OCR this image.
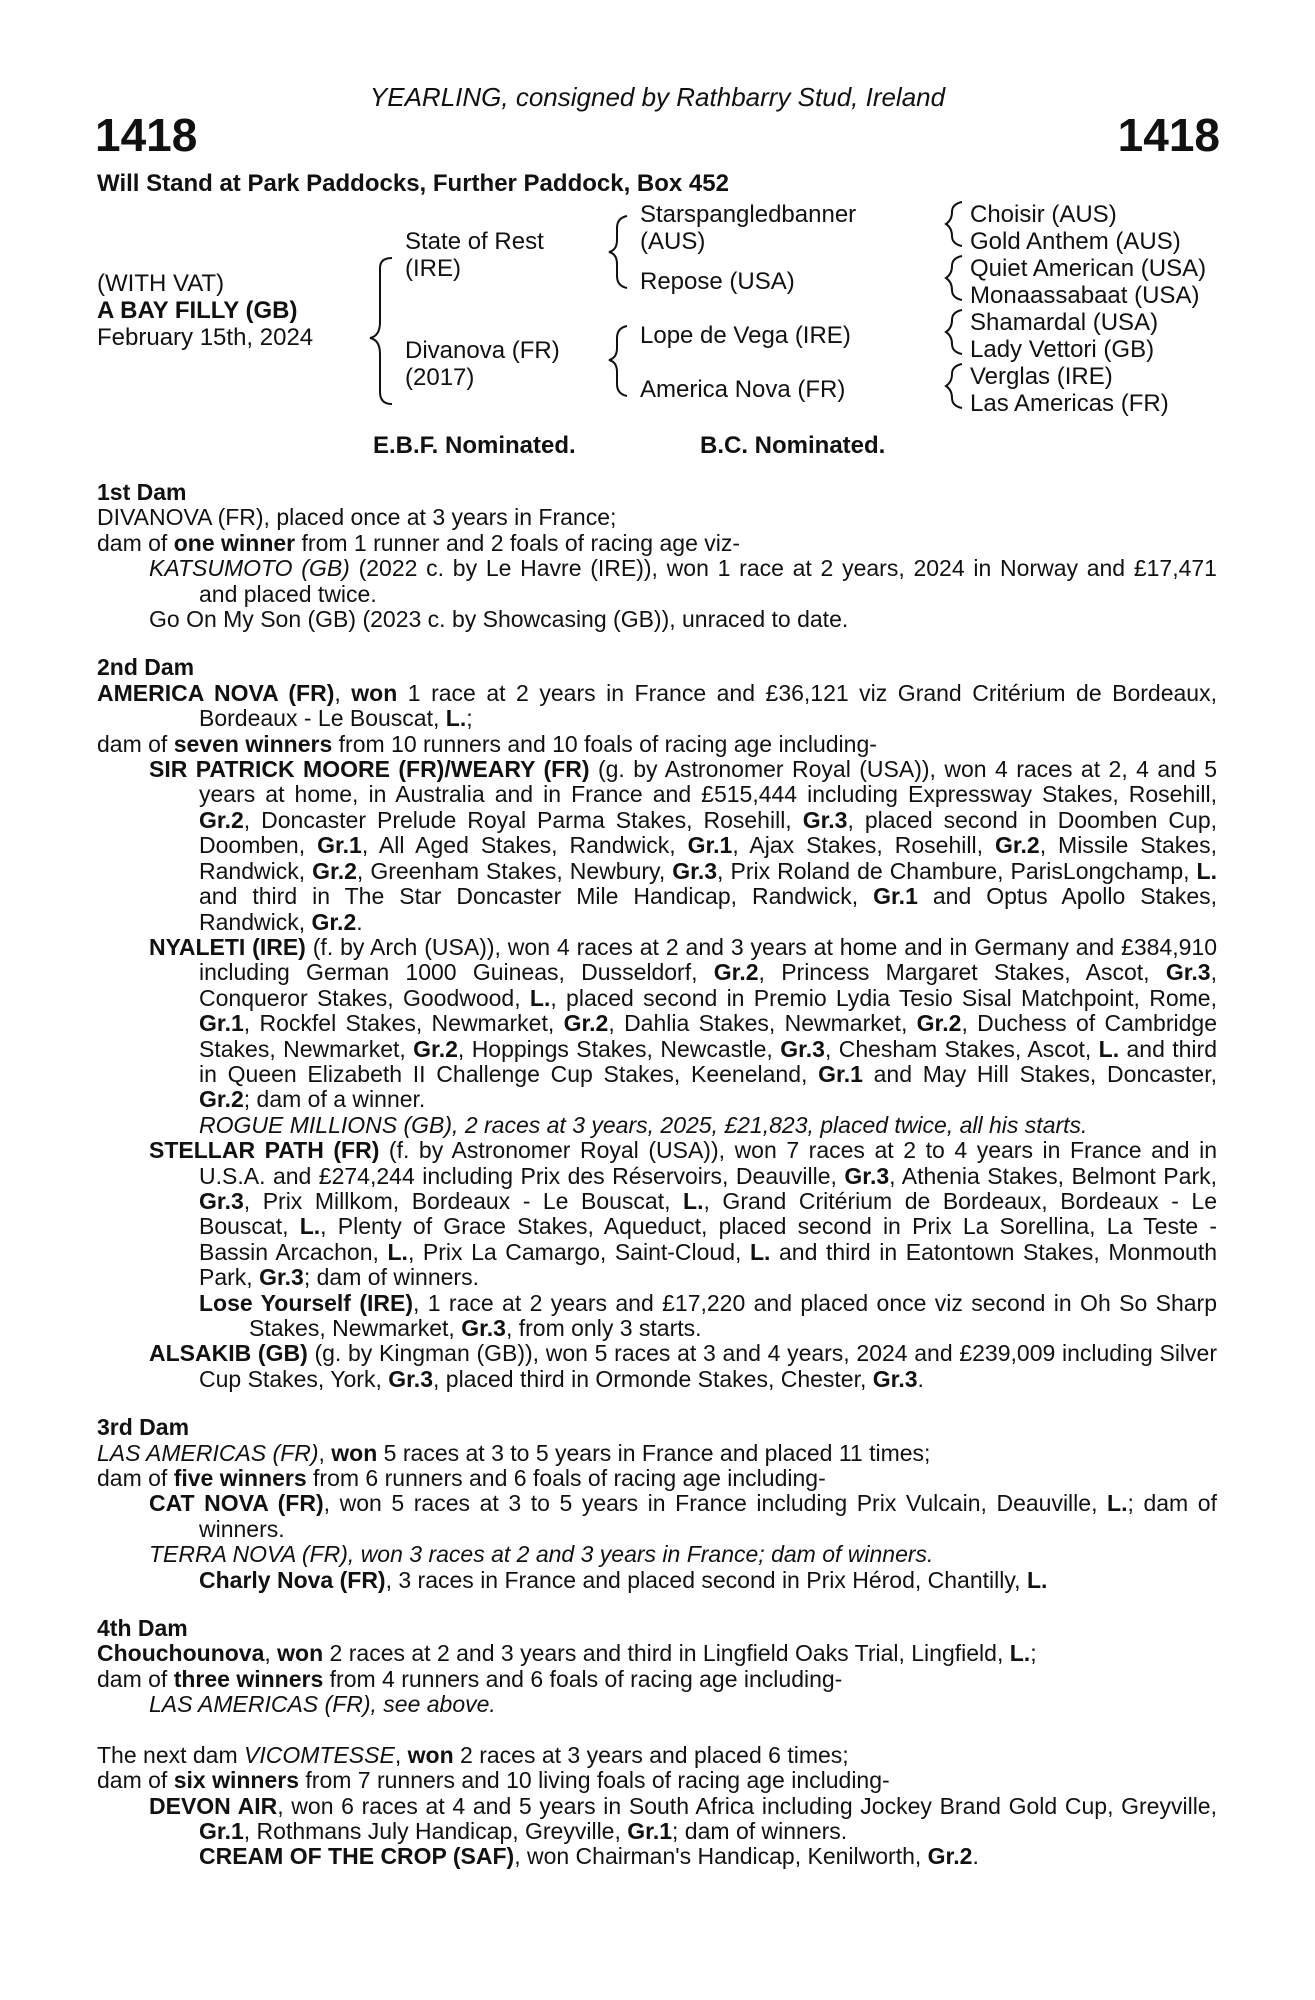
YEARLING, consigned by Rathbarry Stud, Ireland
1418	1418
Will Stand at Park Paddocks, Further Paddock, Box 452
(WITH VAT)
A BAY FILLY (GB)
February 15th, 2024
State of Rest
(IRE)
Divanova (FR)
(2017)
Starspangledbanner
(AUS)
Repose (USA)
Lope de Vega (IRE)
America Nova (FR)
Choisir (AUS)
Gold Anthem (AUS)
Quiet American (USA)
Monaassabaat (USA)
Shamardal (USA)
Lady Vettori (GB)
Verglas (IRE)
Las Americas (FR)
E.B.F. Nominated.	B.C. Nominated.

1st Dam

DIVANOVA (FR), placed once at 3 years in France;

dam of one winner from 1 runner and 2 foals of racing age viz-

KATSUMOTO (GB) (2022 c. by Le Havre (IRE)), won 1 race at 2 years, 2024 in Norway and £17,471 and placed twice.

Go On My Son (GB) (2023 c. by Showcasing (GB)), unraced to date.

2nd Dam

AMERICA NOVA (FR), won 1 race at 2 years in France and £36,121 viz Grand Critérium de Bordeaux, Bordeaux - Le Bouscat, L.;

dam of seven winners from 10 runners and 10 foals of racing age including-

SIR PATRICK MOORE (FR)/WEARY (FR) (g. by Astronomer Royal (USA)), won 4 races at 2, 4 and 5 years at home, in Australia and in France and £515,444 including Expressway Stakes, Rosehill, Gr.2, Doncaster Prelude Royal Parma Stakes, Rosehill, Gr.3, placed second in Doomben Cup, Doomben, Gr.1, All Aged Stakes, Randwick, Gr.1, Ajax Stakes, Rosehill, Gr.2, Missile Stakes, Randwick, Gr.2, Greenham Stakes, Newbury, Gr.3, Prix Roland de Chambure, ParisLongchamp, L. and third in The Star Doncaster Mile Handicap, Randwick, Gr.1 and Optus Apollo Stakes, Randwick, Gr.2.

NYALETI (IRE) (f. by Arch (USA)), won 4 races at 2 and 3 years at home and in Germany and £384,910 including German 1000 Guineas, Dusseldorf, Gr.2, Princess Margaret Stakes, Ascot, Gr.3, Conqueror Stakes, Goodwood, L., placed second in Premio Lydia Tesio Sisal Matchpoint, Rome, Gr.1, Rockfel Stakes, Newmarket, Gr.2, Dahlia Stakes, Newmarket, Gr.2, Duchess of Cambridge Stakes, Newmarket, Gr.2, Hoppings Stakes, Newcastle, Gr.3, Chesham Stakes, Ascot, L. and third in Queen Elizabeth II Challenge Cup Stakes, Keeneland, Gr.1 and May Hill Stakes, Doncaster, Gr.2; dam of a winner.

ROGUE MILLIONS (GB), 2 races at 3 years, 2025, £21,823, placed twice, all his starts.

STELLAR PATH (FR) (f. by Astronomer Royal (USA)), won 7 races at 2 to 4 years in France and in U.S.A. and £274,244 including Prix des Réservoirs, Deauville, Gr.3, Athenia Stakes, Belmont Park, Gr.3, Prix Millkom, Bordeaux - Le Bouscat, L., Grand Critérium de Bordeaux, Bordeaux - Le Bouscat, L., Plenty of Grace Stakes, Aqueduct, placed second in Prix La Sorellina, La Teste - Bassin Arcachon, L., Prix La Camargo, Saint-Cloud, L. and third in Eatontown Stakes, Monmouth Park, Gr.3; dam of winners.

Lose Yourself (IRE), 1 race at 2 years and £17,220 and placed once viz second in Oh So Sharp Stakes, Newmarket, Gr.3, from only 3 starts.

ALSAKIB (GB) (g. by Kingman (GB)), won 5 races at 3 and 4 years, 2024 and £239,009 including Silver Cup Stakes, York, Gr.3, placed third in Ormonde Stakes, Chester, Gr.3.

3rd Dam

LAS AMERICAS (FR), won 5 races at 3 to 5 years in France and placed 11 times;

dam of five winners from 6 runners and 6 foals of racing age including-

CAT NOVA (FR), won 5 races at 3 to 5 years in France including Prix Vulcain, Deauville, L.; dam of winners.

TERRA NOVA (FR), won 3 races at 2 and 3 years in France; dam of winners.

Charly Nova (FR), 3 races in France and placed second in Prix Hérod, Chantilly, L.

4th Dam

Chouchounova, won 2 races at 2 and 3 years and third in Lingfield Oaks Trial, Lingfield, L.;

dam of three winners from 4 runners and 6 foals of racing age including-

LAS AMERICAS (FR), see above.

The next dam VICOMTESSE, won 2 races at 3 years and placed 6 times;

dam of six winners from 7 runners and 10 living foals of racing age including-

DEVON AIR, won 6 races at 4 and 5 years in South Africa including Jockey Brand Gold Cup, Greyville, Gr.1, Rothmans July Handicap, Greyville, Gr.1; dam of winners.

CREAM OF THE CROP (SAF), won Chairman's Handicap, Kenilworth, Gr.2.
